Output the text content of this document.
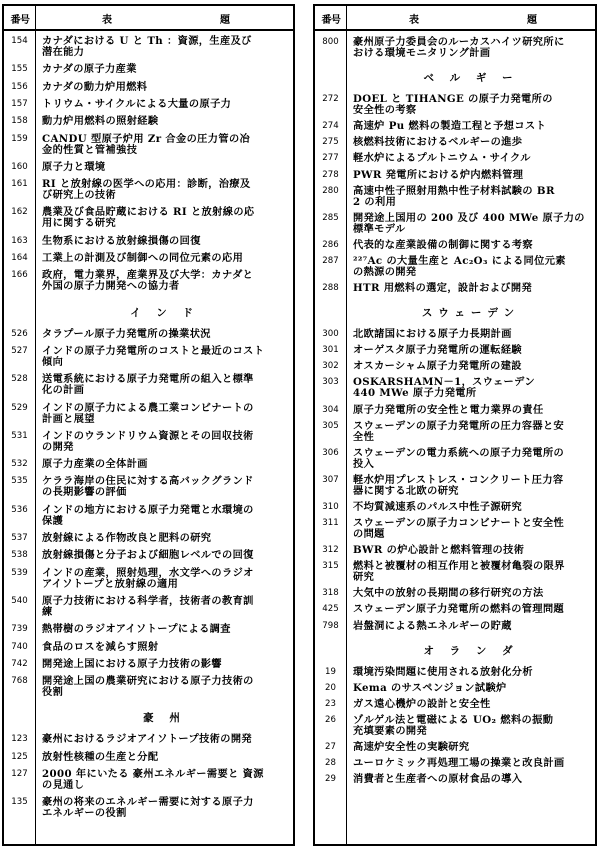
番号	表	題
154	カナダにおける U と Th ：資源，生産及び
潜在能力
155	カナダの原子力産業
156	カナダの動力炉用燃料
157	トリウム・サイクルによる大量の原子力
158	動力炉用燃料の照射経験
159	CANDU 型原子炉用 Zr 合金の圧力管の冶
金的性質と管補強技
160	原子力と環境
161	RI と放射線の医学への応用：診断，治療及
び研究上の技術
162	農業及び食品貯蔵における RI と放射線の応
用に関する研究
163	生物系における放射線損傷の回復
164	工業上の計測及び制御への同位元素の応用
166	政府，電力業界，産業界及び大学：カナダと
外国の原子力開発への協力者
イ ン ド
526	タラプール原子力発電所の操業状況
527	インドの原子力発電所のコストと最近のコスト
傾向
528	送電系統における原子力発電所の組入と標準
化の計画
529	インドの原子力による農工業コンビナートの
計画と展望
531	インドのウランドリウム資源とその回収技術
の開発
532	原子力産業の全体計画
535	ケララ海岸の住民に対する高バックグランド
の長期影響の評価
536	インドの地方における原子力発電と水環境の
保護
537	放射線による作物改良と肥料の研究
538	放射線損傷と分子および細胞レベルでの回復
539	インドの産業，照射処理，水文学へのラジオ
アイソトープと放射線の適用
540	原子力技術における科学者，技術者の教育訓
練
739	熱帯樹のラジオアイソトープによる調査
740	食品のロスを減らす照射
742	開発途上国における原子力技術の影響
768	開発途上国の農業研究における原子力技術の
役割
豪 州
123	豪州におけるラジオアイソトープ技術の開発
125	放射性核種の生産と分配
127	2000 年にいたる 豪州エネルギー需要と 資源
の見通し
135	豪州の将来のエネルギー需要に対する原子力
エネルギーの役割
番号	表	題
800	豪州原子力委員会のルーカスハイツ研究所に
おける環境モニタリング計画
ベ ル ギ ー
272	DOEL と TIHANGE の原子力発電所の
安全性の考察
274	高速炉 Pu 燃料の製造工程と予想コスト
275	核燃料技術におけるベルギーの進歩
277	軽水炉によるプルトニウム・サイクル
278	PWR 発電所における炉内燃料管理
280	高速中性子照射用熱中性子材料試験の BR
2 の利用
285	開発途上国用の 200 及び 400 MWe 原子力の
標準モデル
286	代表的な産業設備の制御に関する考察
287	²²⁷Ac の大量生産と Ac₂O₃ による同位元素
の熱源の開発
288	HTR 用燃料の選定，設計および開発
スウェーデン
300	北欧諸国における原子力長期計画
301	オーゲスタ原子力発電所の運転経験
302	オスカーシャム原子力発電所の建設
303	OSKARSHAMN－1，スウェーデン
440 MWe 原子力発電所
304	原子力発電所の安全性と電力業界の責任
305	スウェーデンの原子力発電所の圧力容器と安
全性
306	スウェーデンの電力系統への原子力発電所の
投入
307	軽水炉用プレストレス・コンクリート圧力容
器に関する北欧の研究
310	不均質減速系のパルス中性子源研究
311	スウェーデンの原子力コンビナートと安全性
の問題
312	BWR の炉心設計と燃料管理の技術
315	燃料と被覆材の相互作用と被覆材亀裂の限界
研究
318	大気中の放射の長期間の移行研究の方法
425	スウェーデン原子力発電所の燃料の管理問題
798	岩盤洞による熱エネルギーの貯蔵
オ ラ ン ダ
19	環境汚染問題に使用される放射化分析
20	Kema のサスペンジョン試験炉
23	ガス遠心機炉の設計と安全性
26	ゾルゲル法と電磁による UO₂ 燃料の振動
充填要素の開発
27	高速炉安全性の実験研究
28	ユーロケミック再処理工場の操業と改良計画
29	消費者と生産者への原材食品の導入
